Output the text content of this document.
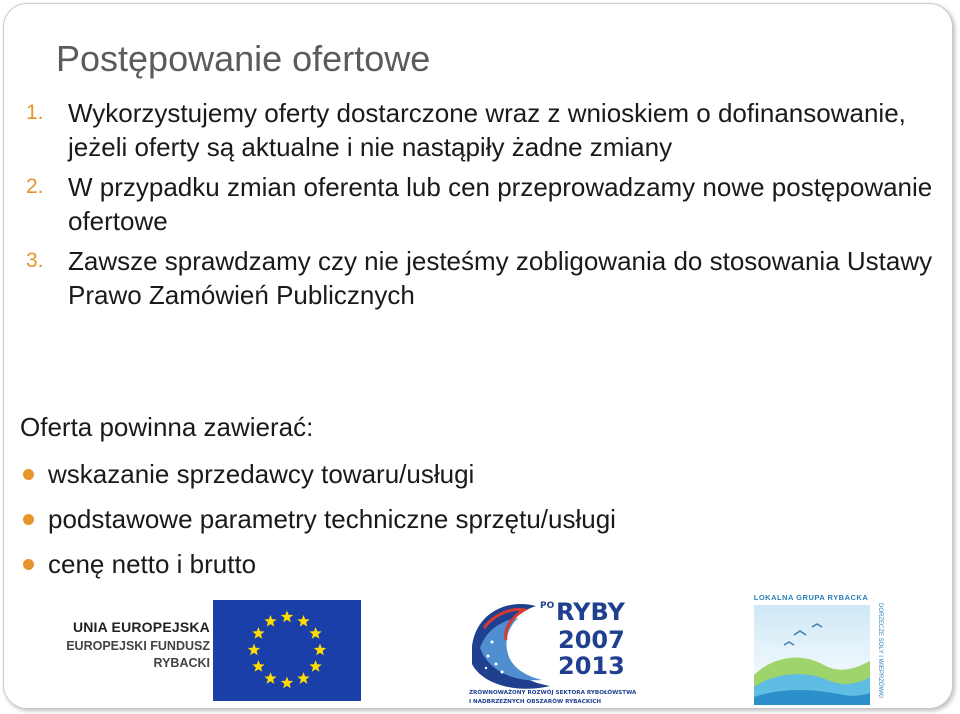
Postępowanie ofertowe
1. Wykorzystujemy oferty dostarczone wraz z wnioskiem o dofinansowanie, jeżeli oferty są aktualne i nie nastąpiły żadne zmiany
2. W przypadku zmian oferenta lub cen przeprowadzamy nowe postępowanie ofertowe
3. Zawsze sprawdzamy czy nie jesteśmy zobligowania do stosowania Ustawy Prawo Zamówień Publicznych
Oferta powinna zawierać:
wskazanie sprzedawcy towaru/usługi
podstawowe parametry techniczne sprzętu/usługi
cenę netto i brutto
UNIA EUROPEJSKA
EUROPEJSKI FUNDUSZ
RYBACKI
PO RYBY
2007
2013
ZRÓWNOWAŻONY ROZWÓJ SEKTORA RYBOŁÓWSTWA
I NADBRZEŻNYCH OBSZARÓW RYBACKICH
LOKALNA GRUPA RYBACKA
DORZECZE SOŁY I WIEPRZÓWKI
